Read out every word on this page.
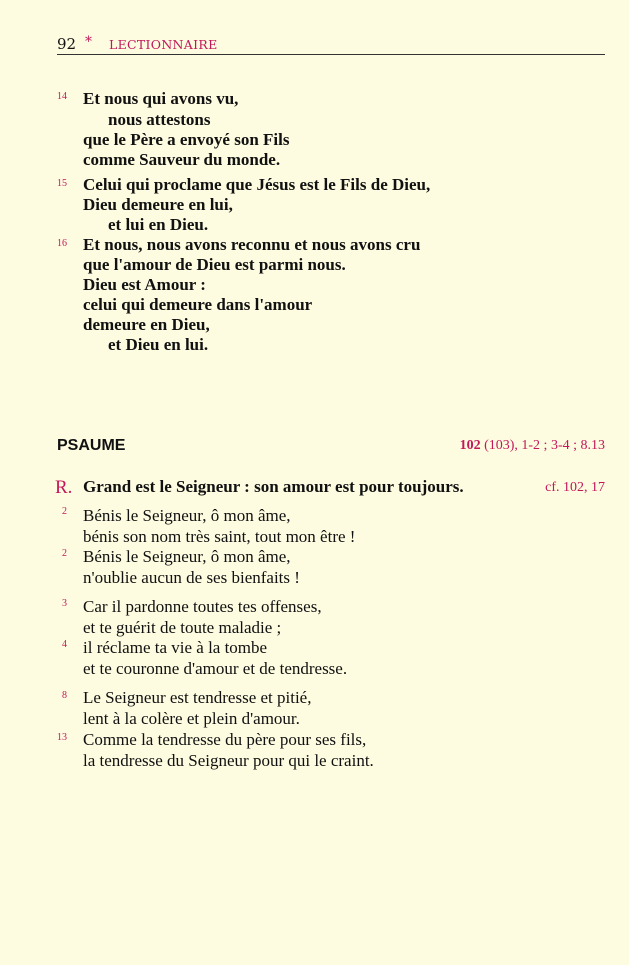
92 * LECTIONNAIRE
14 Et nous qui avons vu,
nous attestons
que le Père a envoyé son Fils
comme Sauveur du monde.
15 Celui qui proclame que Jésus est le Fils de Dieu,
Dieu demeure en lui,
et lui en Dieu.
16 Et nous, nous avons reconnu et nous avons cru
que l'amour de Dieu est parmi nous.
Dieu est Amour :
celui qui demeure dans l'amour
demeure en Dieu,
et Dieu en lui.
PSAUME	102 (103), 1-2 ; 3-4 ; 8.13
R. Grand est le Seigneur : son amour est pour toujours.	cf. 102, 17
2 Bénis le Seigneur, ô mon âme,
bénis son nom très saint, tout mon être !
2 Bénis le Seigneur, ô mon âme,
n'oublie aucun de ses bienfaits !
3 Car il pardonne toutes tes offenses,
et te guérit de toute maladie ;
4 il réclame ta vie à la tombe
et te couronne d'amour et de tendresse.
8 Le Seigneur est tendresse et pitié,
lent à la colère et plein d'amour.
13 Comme la tendresse du père pour ses fils,
la tendresse du Seigneur pour qui le craint.
